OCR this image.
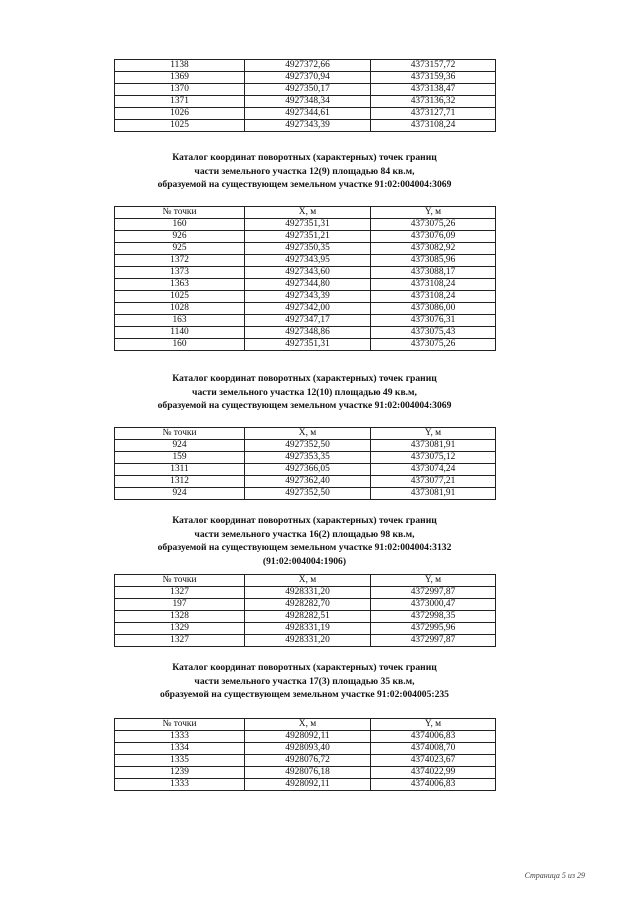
1138	4927372,66	4373157,72
1369	4927370,94	4373159,36
1370	4927350,17	4373138,47
1371	4927348,34	4373136,32
1026	4927344,61	4373127,71
1025	4927343,39	4373108,24
Каталог координат поворотных (характерных) точек границ
части земельного участка 12(9) площадью 84 кв.м,
образуемой на существующем земельном участке 91:02:004004:3069
№ точки	X, м	Y, м
160	4927351,31	4373075,26
926	4927351,21	4373076,09
925	4927350,35	4373082,92
1372	4927343,95	4373085,96
1373	4927343,60	4373088,17
1363	4927344,80	4373108,24
1025	4927343,39	4373108,24
1028	4927342,00	4373086,00
163	4927347,17	4373076,31
1140	4927348,86	4373075,43
160	4927351,31	4373075,26
Каталог координат поворотных (характерных) точек границ
части земельного участка 12(10) площадью 49 кв.м,
образуемой на существующем земельном участке 91:02:004004:3069
№ точки	X, м	Y, м
924	4927352,50	4373081,91
159	4927353,35	4373075,12
1311	4927366,05	4373074,24
1312	4927362,40	4373077,21
924	4927352,50	4373081,91
Каталог координат поворотных (характерных) точек границ
части земельного участка 16(2) площадью 98 кв.м,
образуемой на существующем земельном участке 91:02:004004:3132
(91:02:004004:1906)
№ точки	X, м	Y, м
1327	4928331,20	4372997,87
197	4928282,70	4373000,47
1328	4928282,51	4372998,35
1329	4928331,19	4372995,96
1327	4928331,20	4372997,87
Каталог координат поворотных (характерных) точек границ
части земельного участка 17(3) площадью 35 кв.м,
образуемой на существующем земельном участке 91:02:004005:235
№ точки	X, м	Y, м
1333	4928092,11	4374006,83
1334	4928093,40	4374008,70
1335	4928076,72	4374023,67
1239	4928076,18	4374022,99
1333	4928092,11	4374006,83
Страница 5 из 29
